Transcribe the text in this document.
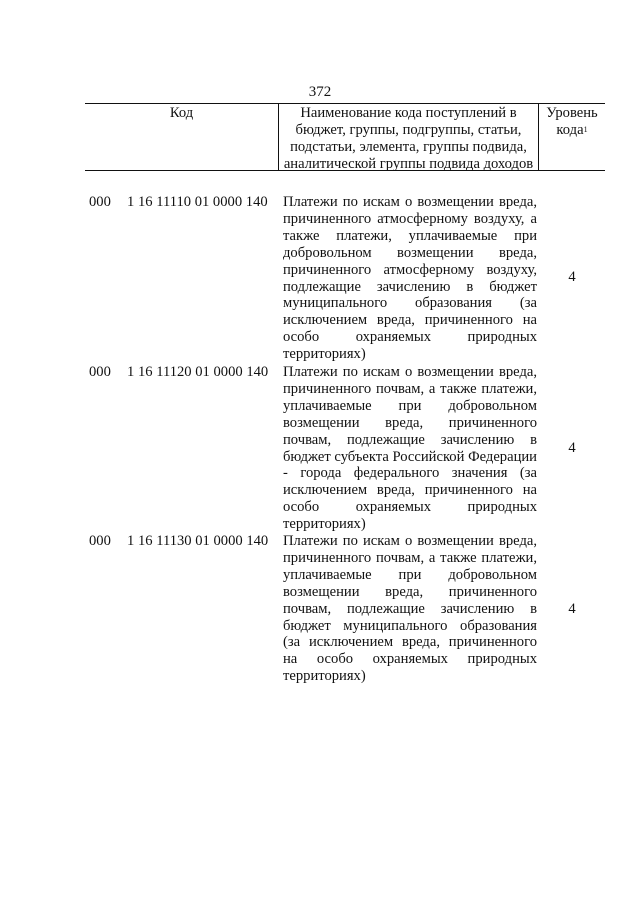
372
Код	Наименование кода поступлений в бюджет, группы, подгруппы, статьи, подстатьи, элемента, группы подвида, аналитической группы подвида доходов
Уровень кода$^1$
000 1 16 11110 01 0000 140 Платежи по искам о возмещении вреда, причиненного атмосферному воздуху, а также платежи, уплачиваемые при добровольном возмещении вреда, причиненного атмосферному воздуху, подлежащие зачислению в бюджет муниципального образования (за исключением вреда, причиненного на особо охраняемых природных территориях)
4
000 1 16 11120 01 0000 140 Платежи по искам о возмещении вреда, причиненного почвам, а также платежи, уплачиваемые при добровольном возмещении вреда, причиненного почвам, подлежащие зачислению в бюджет субъекта Российской Федерации - города федерального значения (за исключением вреда, причиненного на особо охраняемых природных территориях)
4
000 1 16 11130 01 0000 140 Платежи по искам о возмещении вреда, причиненного почвам, а также платежи, уплачиваемые при добровольном возмещении вреда, причиненного почвам, подлежащие зачислению в бюджет муниципального образования (за исключением вреда, причиненного на особо охраняемых природных территориях)
4
